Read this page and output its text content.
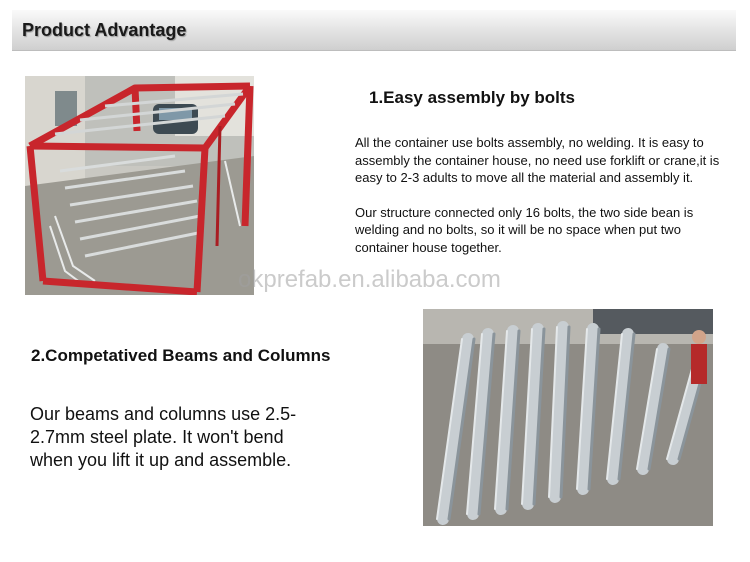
Product Advantage
1.Easy assembly by bolts

All the container use bolts assembly, no welding. It is easy to assembly the container house, no need use forklift or crane,it is easy to 2-3 adults to move all the material and assembly it.

Our structure connected only 16 bolts, the two side bean is welding and no bolts, so it will be no space when put two container house together.

okprefab.en.alibaba.com
2.Competatived Beams and Columns
Our beams and columns use 2.5-2.7mm steel plate. It won't bend when you lift it up and assemble.
